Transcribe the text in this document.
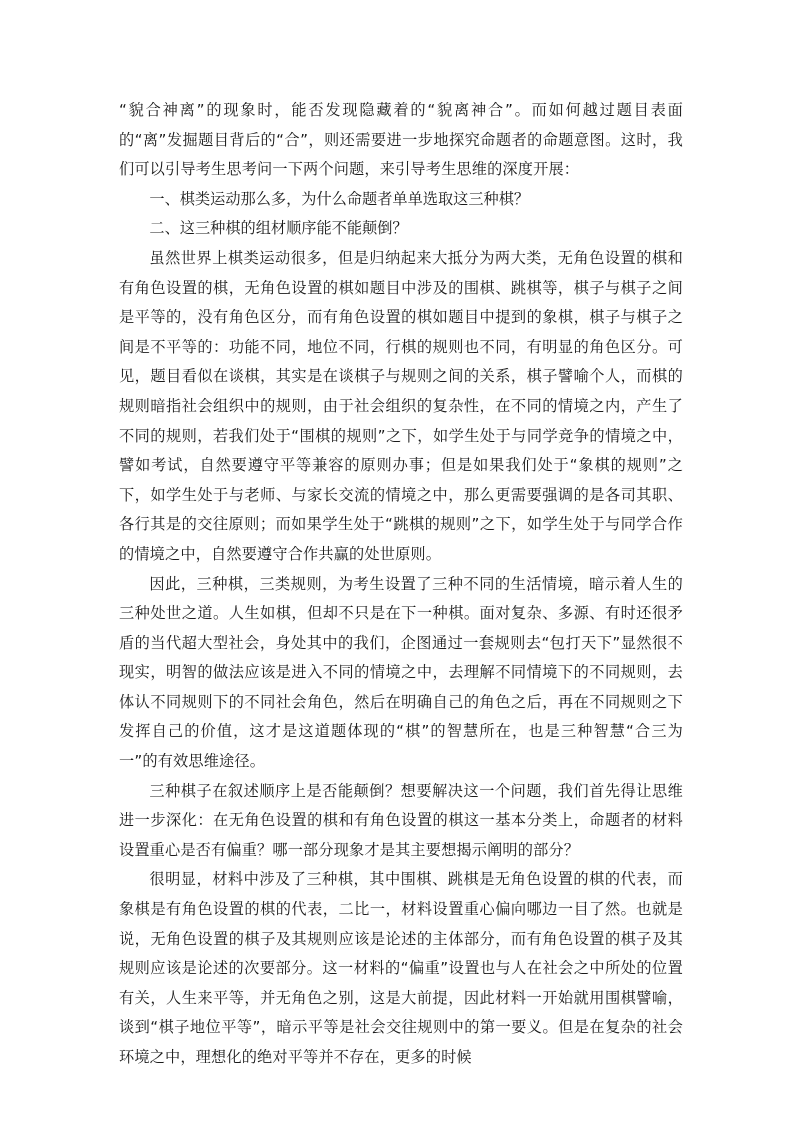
“貌合神离”的现象时，能否发现隐藏着的“貌离神合”。而如何越过题目表面的“离”发掘题目背后的“合”，则还需要进一步地探究命题者的命题意图。这时，我们可以引导考生思考问一下两个问题，来引导考生思维的深度开展：

一、棋类运动那么多，为什么命题者单单选取这三种棋？

二、这三种棋的组材顺序能不能颠倒？

虽然世界上棋类运动很多，但是归纳起来大抵分为两大类，无角色设置的棋和有角色设置的棋，无角色设置的棋如题目中涉及的围棋、跳棋等，棋子与棋子之间是平等的，没有角色区分，而有角色设置的棋如题目中提到的象棋，棋子与棋子之间是不平等的：功能不同，地位不同，行棋的规则也不同，有明显的角色区分。可见，题目看似在谈棋，其实是在谈棋子与规则之间的关系，棋子譬喻个人，而棋的规则暗指社会组织中的规则，由于社会组织的复杂性，在不同的情境之内，产生了不同的规则，若我们处于“围棋的规则”之下，如学生处于与同学竞争的情境之中，譬如考试，自然要遵守平等兼容的原则办事；但是如果我们处于“象棋的规则”之下，如学生处于与老师、与家长交流的情境之中，那么更需要强调的是各司其职、各行其是的交往原则；而如果学生处于“跳棋的规则”之下，如学生处于与同学合作的情境之中，自然要遵守合作共赢的处世原则。

因此，三种棋，三类规则，为考生设置了三种不同的生活情境，暗示着人生的三种处世之道。人生如棋，但却不只是在下一种棋。面对复杂、多源、有时还很矛盾的当代超大型社会，身处其中的我们，企图通过一套规则去“包打天下”显然很不现实，明智的做法应该是进入不同的情境之中，去理解不同情境下的不同规则，去体认不同规则下的不同社会角色，然后在明确自己的角色之后，再在不同规则之下发挥自己的价值，这才是这道题体现的“棋”的智慧所在，也是三种智慧“合三为一”的有效思维途径。

三种棋子在叙述顺序上是否能颠倒？想要解决这一个问题，我们首先得让思维进一步深化：在无角色设置的棋和有角色设置的棋这一基本分类上，命题者的材料设置重心是否有偏重？哪一部分现象才是其主要想揭示阐明的部分？

很明显，材料中涉及了三种棋，其中围棋、跳棋是无角色设置的棋的代表，而象棋是有角色设置的棋的代表，二比一，材料设置重心偏向哪边一目了然。也就是说，无角色设置的棋子及其规则应该是论述的主体部分，而有角色设置的棋子及其规则应该是论述的次要部分。这一材料的“偏重”设置也与人在社会之中所处的位置有关，人生来平等，并无角色之别，这是大前提，因此材料一开始就用围棋譬喻，谈到“棋子地位平等”，暗示平等是社会交往规则中的第一要义。但是在复杂的社会环境之中，理想化的绝对平等并不存在，更多的时候
